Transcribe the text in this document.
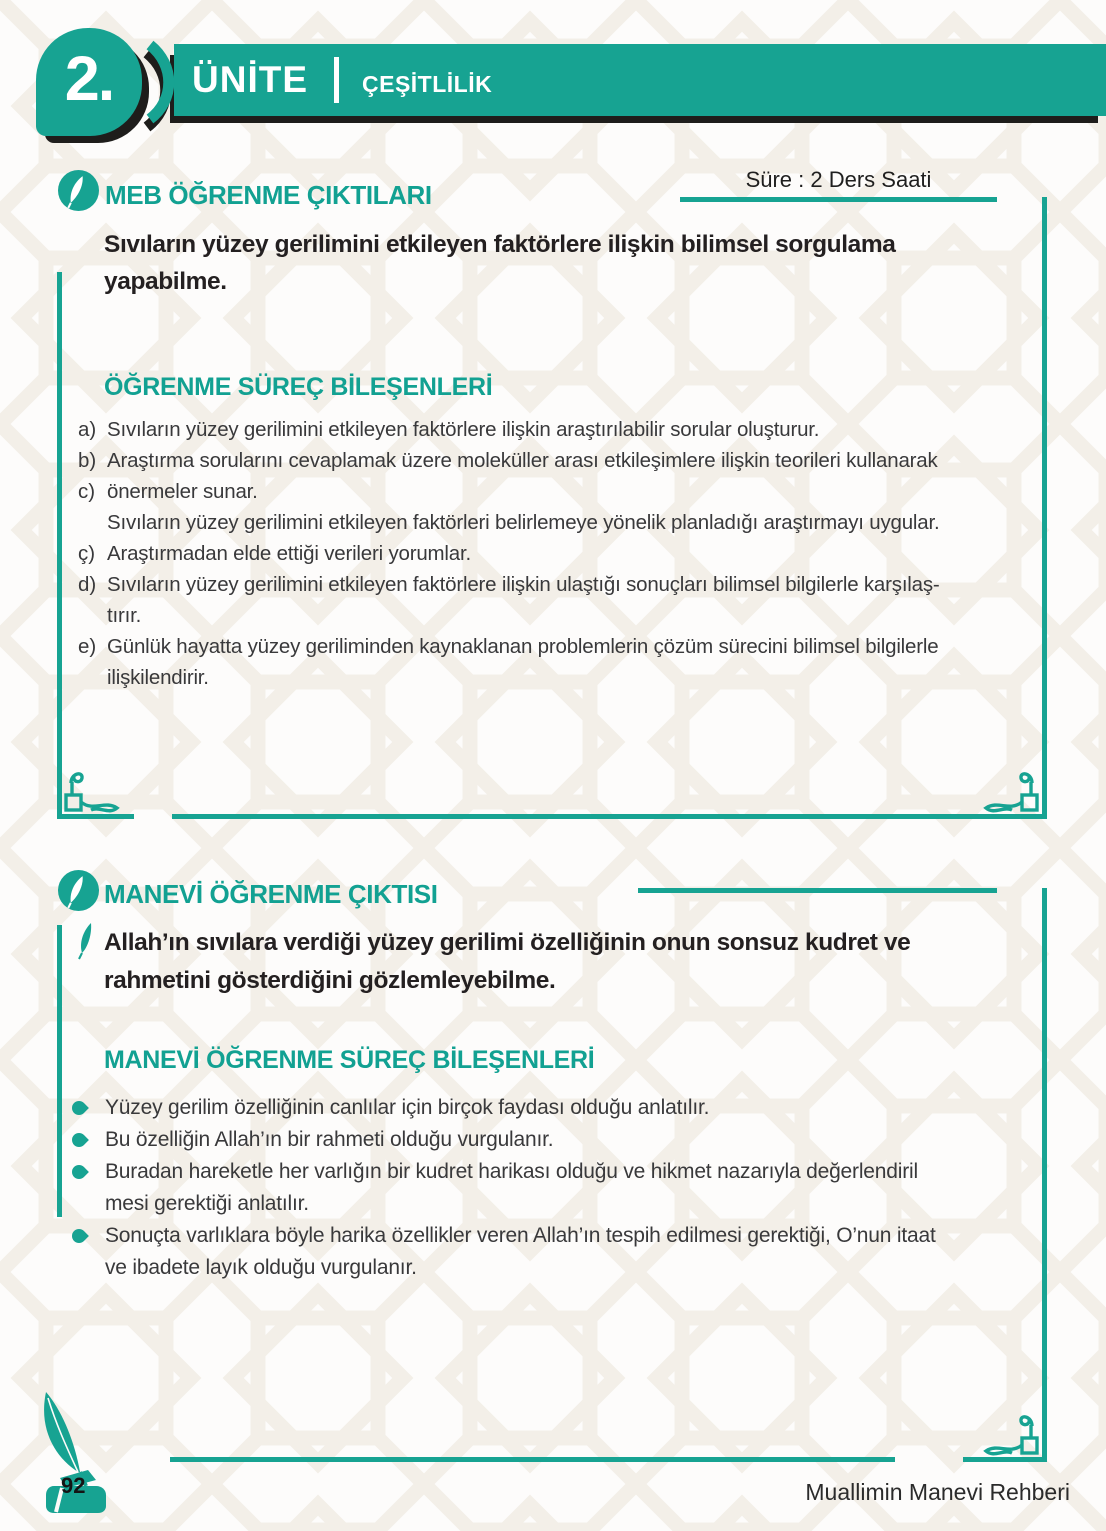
2. ÜNİTE ÇEŞİTLİLİK
MEB ÖĞRENME ÇIKTILARI
Süre : 2 Ders Saati
Sıvıların yüzey gerilimini etkileyen faktörlere ilişkin bilimsel sorgulama
yapabilme.
ÖĞRENME SÜREÇ BİLEŞENLERİ
a) Sıvıların yüzey gerilimini etkileyen faktörlere ilişkin araştırılabilir sorular oluşturur.
b) Araştırma sorularını cevaplamak üzere moleküller arası etkileşimlere ilişkin teorileri kullanarak
c) önermeler sunar.
Sıvıların yüzey gerilimini etkileyen faktörleri belirlemeye yönelik planladığı araştırmayı uygular.
ç) Araştırmadan elde ettiği verileri yorumlar.
d) Sıvıların yüzey gerilimini etkileyen faktörlere ilişkin ulaştığı sonuçları bilimsel bilgilerle karşılaş-
tırır.
e) Günlük hayatta yüzey geriliminden kaynaklanan problemlerin çözüm sürecini bilimsel bilgilerle
ilişkilendirir.
MANEVİ ÖĞRENME ÇIKTISI
Allah’ın sıvılara verdiği yüzey gerilimi özelliğinin onun sonsuz kudret ve
rahmetini gösterdiğini gözlemleyebilme.
MANEVİ ÖĞRENME SÜREÇ BİLEŞENLERİ
Yüzey gerilim özelliğinin canlılar için birçok faydası olduğu anlatılır.
Bu özelliğin Allah’ın bir rahmeti olduğu vurgulanır.
Buradan hareketle her varlığın bir kudret harikası olduğu ve hikmet nazarıyla değerlendiril
mesi gerektiği anlatılır.
Sonuçta varlıklara böyle harika özellikler veren Allah’ın tespih edilmesi gerektiği, O’nun itaat
ve ibadete layık olduğu vurgulanır.
92	Muallimin Manevi Rehberi
